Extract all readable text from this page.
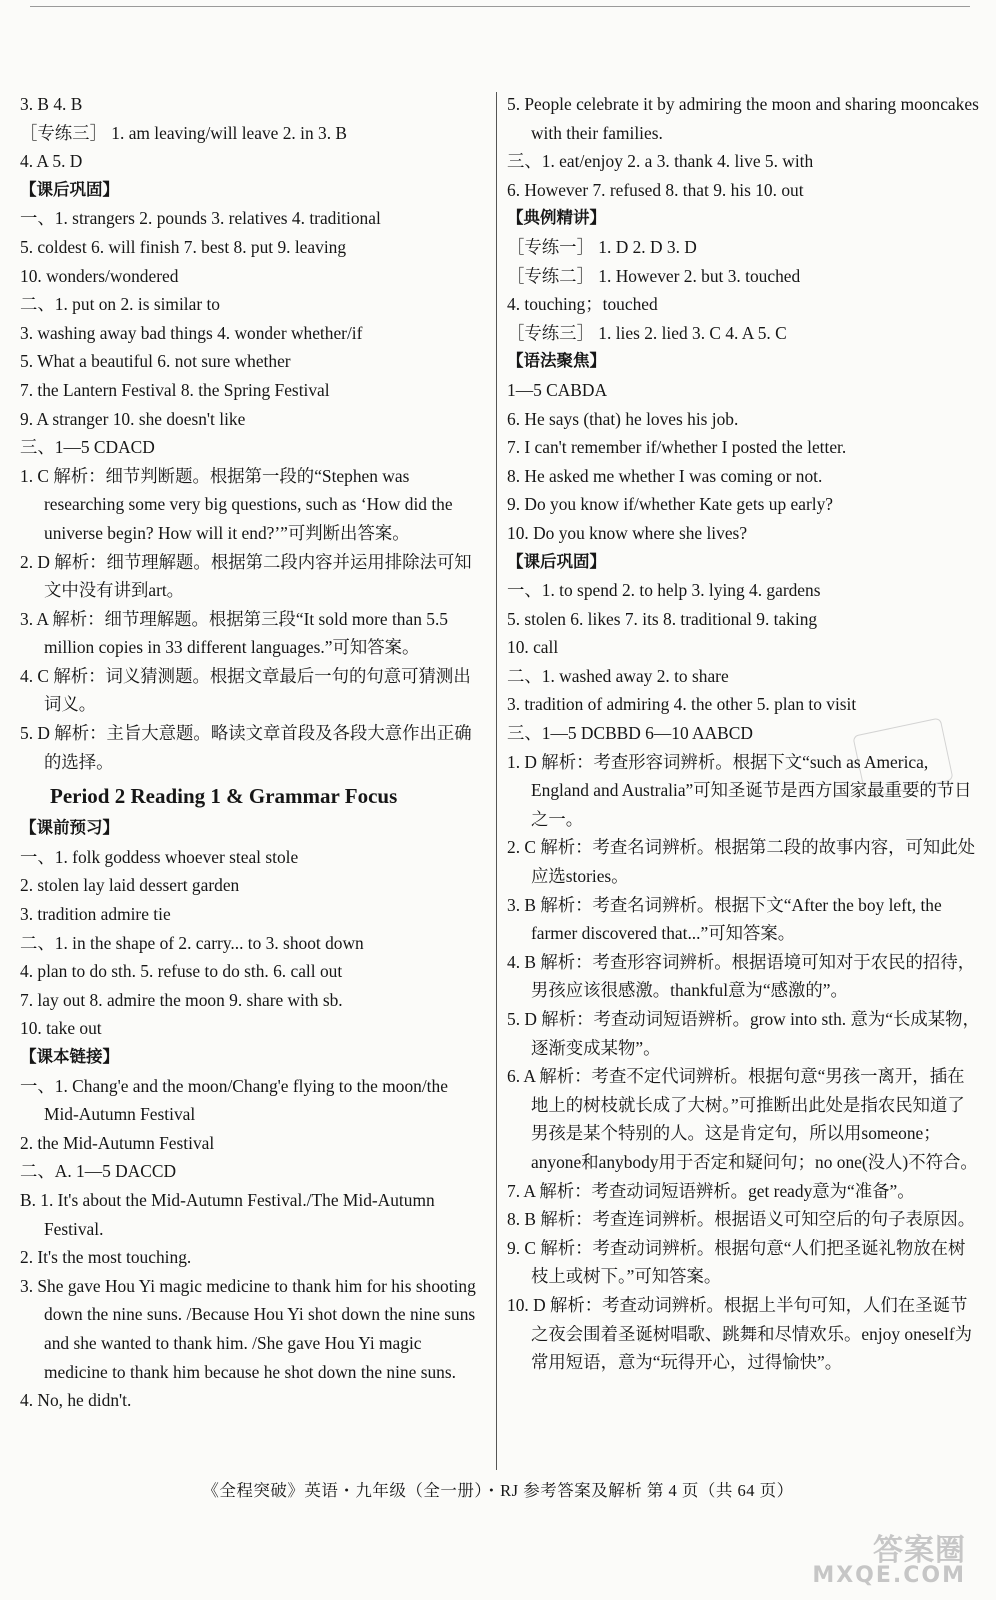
3. B 4. B
［专练三］ 1. am leaving/will leave 2. in 3. B
4. A 5. D
【课后巩固】
一、1. strangers 2. pounds 3. relatives 4. traditional
5. coldest 6. will finish 7. best 8. put 9. leaving
10. wonders/wondered
二、1. put on 2. is similar to
3. washing away bad things 4. wonder whether/if
5. What a beautiful 6. not sure whether
7. the Lantern Festival 8. the Spring Festival
9. A stranger 10. she doesn't like
三、1—5 CDACD
1. C 解析：细节判断题。根据第一段的“Stephen was researching some very big questions, such as ‘How did the universe begin? How will it end?’”可判断出答案。
2. D 解析：细节理解题。根据第二段内容并运用排除法可知文中没有讲到art。
3. A 解析：细节理解题。根据第三段“It sold more than 5.5 million copies in 33 different languages.”可知答案。
4. C 解析：词义猜测题。根据文章最后一句的句意可猜测出词义。
5. D 解析：主旨大意题。略读文章首段及各段大意作出正确的选择。
Period 2 Reading 1 & Grammar Focus
【课前预习】
一、1. folk goddess whoever steal stole
2. stolen lay laid dessert garden
3. tradition admire tie
二、1. in the shape of 2. carry... to 3. shoot down
4. plan to do sth. 5. refuse to do sth. 6. call out
7. lay out 8. admire the moon 9. share with sb.
10. take out
【课本链接】
一、1. Chang'e and the moon/Chang'e flying to the moon/the Mid-Autumn Festival
2. the Mid-Autumn Festival
二、A. 1—5 DACCD
B. 1. It's about the Mid-Autumn Festival./The Mid-Autumn Festival.
2. It's the most touching.
3. She gave Hou Yi magic medicine to thank him for his shooting down the nine suns. /Because Hou Yi shot down the nine suns and she wanted to thank him. /She gave Hou Yi magic medicine to thank him because he shot down the nine suns.
4. No, he didn't.
5. People celebrate it by admiring the moon and sharing mooncakes with their families.
三、1. eat/enjoy 2. a 3. thank 4. live 5. with
6. However 7. refused 8. that 9. his 10. out
【典例精讲】
［专练一］ 1. D 2. D 3. D
［专练二］ 1. However 2. but 3. touched
4. touching；touched
［专练三］ 1. lies 2. lied 3. C 4. A 5. C
【语法聚焦】
1—5 CABDA
6. He says (that) he loves his job.
7. I can't remember if/whether I posted the letter.
8. He asked me whether I was coming or not.
9. Do you know if/whether Kate gets up early?
10. Do you know where she lives?
【课后巩固】
一、1. to spend 2. to help 3. lying 4. gardens
5. stolen 6. likes 7. its 8. traditional 9. taking
10. call
二、1. washed away 2. to share
3. tradition of admiring 4. the other 5. plan to visit
三、1—5 DCBBD 6—10 AABCD
1. D 解析：考查形容词辨析。根据下文“such as America, England and Australia”可知圣诞节是西方国家最重要的节日之一。
2. C 解析：考查名词辨析。根据第二段的故事内容，可知此处应选stories。
3. B 解析：考查名词辨析。根据下文“After the boy left, the farmer discovered that...”可知答案。
4. B 解析：考查形容词辨析。根据语境可知对于农民的招待，男孩应该很感激。thankful意为“感激的”。
5. D 解析：考查动词短语辨析。grow into sth. 意为“长成某物，逐渐变成某物”。
6. A 解析：考查不定代词辨析。根据句意“男孩一离开，插在地上的树枝就长成了大树。”可推断出此处是指农民知道了男孩是某个特别的人。这是肯定句，所以用someone；anyone和anybody用于否定和疑问句；no one(没人)不符合。
7. A 解析：考查动词短语辨析。get ready意为“准备”。
8. B 解析：考查连词辨析。根据语义可知空后的句子表原因。
9. C 解析：考查动词辨析。根据句意“人们把圣诞礼物放在树枝上或树下。”可知答案。
10. D 解析：考查动词辨析。根据上半句可知，人们在圣诞节之夜会围着圣诞树唱歌、跳舞和尽情欢乐。enjoy oneself为常用短语，意为“玩得开心，过得愉快”。
《全程突破》英语・九年级（全一册）・RJ 参考答案及解析 第 4 页（共 64 页）
答案圈
MXQE.COM
